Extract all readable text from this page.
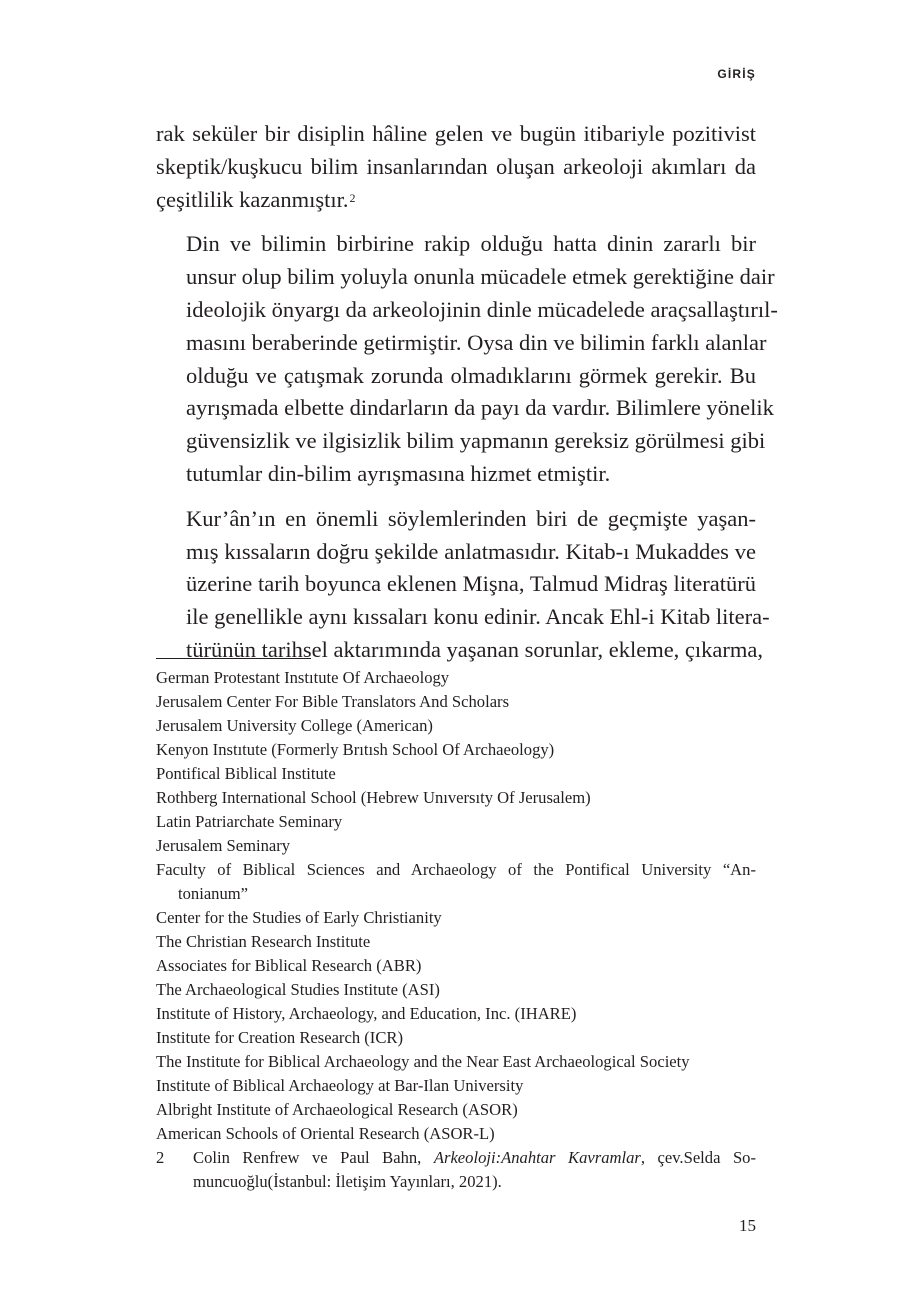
GİRİŞ

rak seküler bir disiplin hâline gelen ve bugün itibariyle pozitivist
skeptik/kuşkucu bilim insanlarından oluşan arkeoloji akımları da
çeşitlilik kazanmıştır.$^2$

Din ve bilimin birbirine rakip olduğu hatta dinin zararlı bir
unsur olup bilim yoluyla onunla mücadele etmek gerektiğine dair
ideolojik önyargı da arkeolojinin dinle mücadelede araçsallaştırıl-
masını beraberinde getirmiştir. Oysa din ve bilimin farklı alanlar
olduğu ve çatışmak zorunda olmadıklarını görmek gerekir. Bu
ayrışmada elbette dindarların da payı da vardır. Bilimlere yönelik
güvensizlik ve ilgisizlik bilim yapmanın gereksiz görülmesi gibi
tutumlar din-bilim ayrışmasına hizmet etmiştir.

Kur’ân’ın en önemli söylemlerinden biri de geçmişte yaşan-
mış kıssaların doğru şekilde anlatmasıdır. Kitab-ı Mukaddes ve
üzerine tarih boyunca eklenen Mişna, Talmud Midraş literatürü
ile genellikle aynı kıssaları konu edinir. Ancak Ehl-i Kitab litera-
türünün tarihsel aktarımında yaşanan sorunlar, ekleme, çıkarma,

German Protestant Instıtute Of Archaeology
Jerusalem Center For Bible Translators And Scholars
Jerusalem University College (American)
Kenyon Instıtute (Formerly Brıtısh School Of Archaeology)
Pontifical Biblical Institute
Rothberg International School (Hebrew Unıversıty Of Jerusalem)
Latin Patriarchate Seminary
Jerusalem Seminary
Faculty of Biblical Sciences and Archaeology of the Pontifical University “An-
tonianum”
Center for the Studies of Early Christianity
The Christian Research Institute
Associates for Biblical Research (ABR)
The Archaeological Studies Institute (ASI)
Institute of History, Archaeology, and Education, Inc. (IHARE)
Institute for Creation Research (ICR)
The Institute for Biblical Archaeology and the Near East Archaeological Society
Institute of Biblical Archaeology at Bar-Ilan University
Albright Institute of Archaeological Research (ASOR)
American Schools of Oriental Research (ASOR-L)
2	Colin Renfrew ve Paul Bahn, Arkeoloji:Anahtar Kavramlar, çev.Selda So-
muncuoğlu(İstanbul: İletişim Yayınları, 2021).
15
